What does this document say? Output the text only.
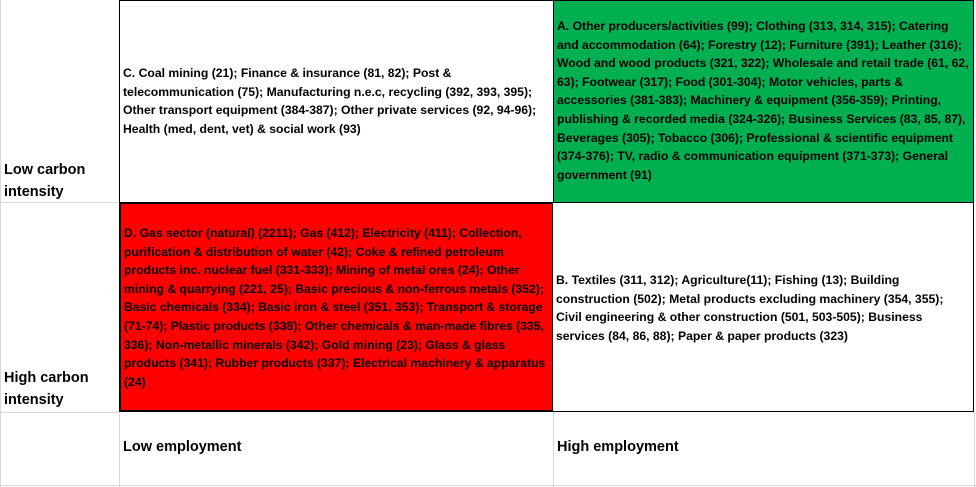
Low carbon intensity
High carbon intensity
C. Coal mining (21); Finance & insurance (81, 82); Post & telecommunication (75); Manufacturing n.e.c, recycling (392, 393, 395); Other transport equipment (384-387); Other private services (92, 94-96); Health (med, dent, vet) & social work (93)
A. Other producers/activities (99); Clothing (313, 314, 315); Catering and accommodation (64); Forestry (12); Furniture (391); Leather (316); Wood and wood products (321, 322); Wholesale and retail trade (61, 62, 63); Footwear (317); Food (301-304); Motor vehicles, parts & accessories (381-383); Machinery & equipment (356-359); Printing, publishing & recorded media (324-326); Business Services (83, 85, 87), Beverages (305); Tobacco (306); Professional & scientific equipment (374-376); TV, radio & communication equipment (371-373); General government (91)
D. Gas sector (natural) (2211); Gas (412); Electricity (411); Collection, purification & distribution of water (42); Coke & refined petroleum products inc. nuclear fuel (331-333); Mining of metal ores (24); Other mining & quarrying (221, 25); Basic precious & non-ferrous metals (352); Basic chemicals (334); Basic iron & steel (351, 353); Transport & storage (71-74); Plastic products (338); Other chemicals & man-made fibres (335, 336); Non-metallic minerals (342); Gold mining (23); Glass & glass products (341); Rubber products (337); Electrical machinery & apparatus (24)
B. Textiles (311, 312); Agriculture(11); Fishing (13); Building construction (502); Metal products excluding machinery (354, 355); Civil engineering & other construction (501, 503-505); Business services (84, 86, 88); Paper & paper products (323)
Low employment	High employment
